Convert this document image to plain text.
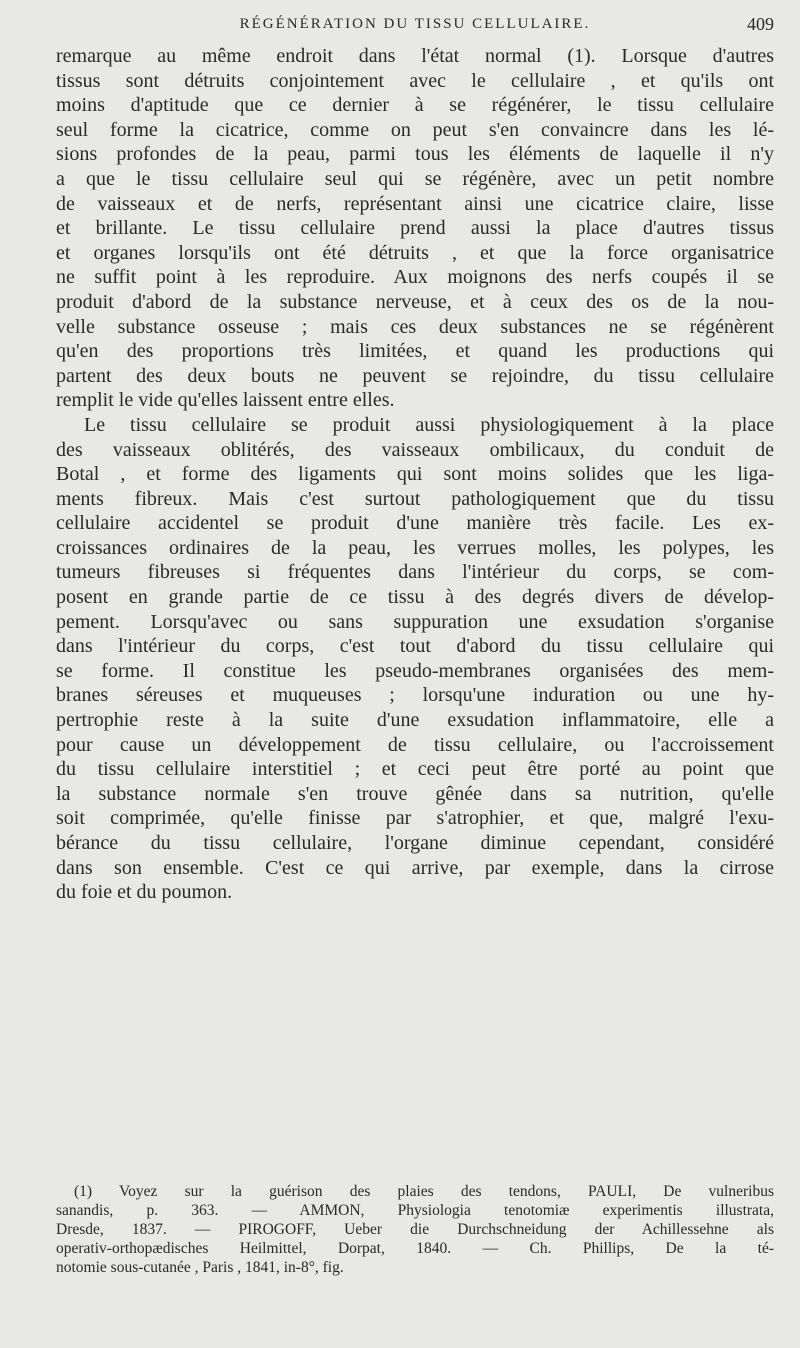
RÉGÉNÉRATION DU TISSU CELLULAIRE.	409
remarque au même endroit dans l'état normal (1). Lorsque d'autres
tissus sont détruits conjointement avec le cellulaire , et qu'ils ont
moins d'aptitude que ce dernier à se régénérer, le tissu cellulaire
seul forme la cicatrice, comme on peut s'en convaincre dans les lé-
sions profondes de la peau, parmi tous les éléments de laquelle il n'y
a que le tissu cellulaire seul qui se régénère, avec un petit nombre
de vaisseaux et de nerfs, représentant ainsi une cicatrice claire, lisse
et brillante. Le tissu cellulaire prend aussi la place d'autres tissus
et organes lorsqu'ils ont été détruits , et que la force organisatrice
ne suffit point à les reproduire. Aux moignons des nerfs coupés il se
produit d'abord de la substance nerveuse, et à ceux des os de la nou-
velle substance osseuse ; mais ces deux substances ne se régénèrent
qu'en des proportions très limitées, et quand les productions qui
partent des deux bouts ne peuvent se rejoindre, du tissu cellulaire
remplit le vide qu'elles laissent entre elles.
Le tissu cellulaire se produit aussi physiologiquement à la place
des vaisseaux oblitérés, des vaisseaux ombilicaux, du conduit de
Botal , et forme des ligaments qui sont moins solides que les liga-
ments fibreux. Mais c'est surtout pathologiquement que du tissu
cellulaire accidentel se produit d'une manière très facile. Les ex-
croissances ordinaires de la peau, les verrues molles, les polypes, les
tumeurs fibreuses si fréquentes dans l'intérieur du corps, se com-
posent en grande partie de ce tissu à des degrés divers de dévelop-
pement. Lorsqu'avec ou sans suppuration une exsudation s'organise
dans l'intérieur du corps, c'est tout d'abord du tissu cellulaire qui
se forme. Il constitue les pseudo-membranes organisées des mem-
branes séreuses et muqueuses ; lorsqu'une induration ou une hy-
pertrophie reste à la suite d'une exsudation inflammatoire, elle a
pour cause un développement de tissu cellulaire, ou l'accroissement
du tissu cellulaire interstitiel ; et ceci peut être porté au point que
la substance normale s'en trouve gênée dans sa nutrition, qu'elle
soit comprimée, qu'elle finisse par s'atrophier, et que, malgré l'exu-
bérance du tissu cellulaire, l'organe diminue cependant, considéré
dans son ensemble. C'est ce qui arrive, par exemple, dans la cirrose
du foie et du poumon.
(1) Voyez sur la guérison des plaies des tendons, PAULI, De vulneribus
sanandis, p. 363. — AMMON, Physiologia tenotomiæ experimentis illustrata,
Dresde, 1837. — PIROGOFF, Ueber die Durchschneidung der Achillessehne als
operativ-orthopædisches Heilmittel, Dorpat, 1840. — Ch. Phillips, De la té-
notomie sous-cutanée , Paris , 1841, in-8°, fig.
